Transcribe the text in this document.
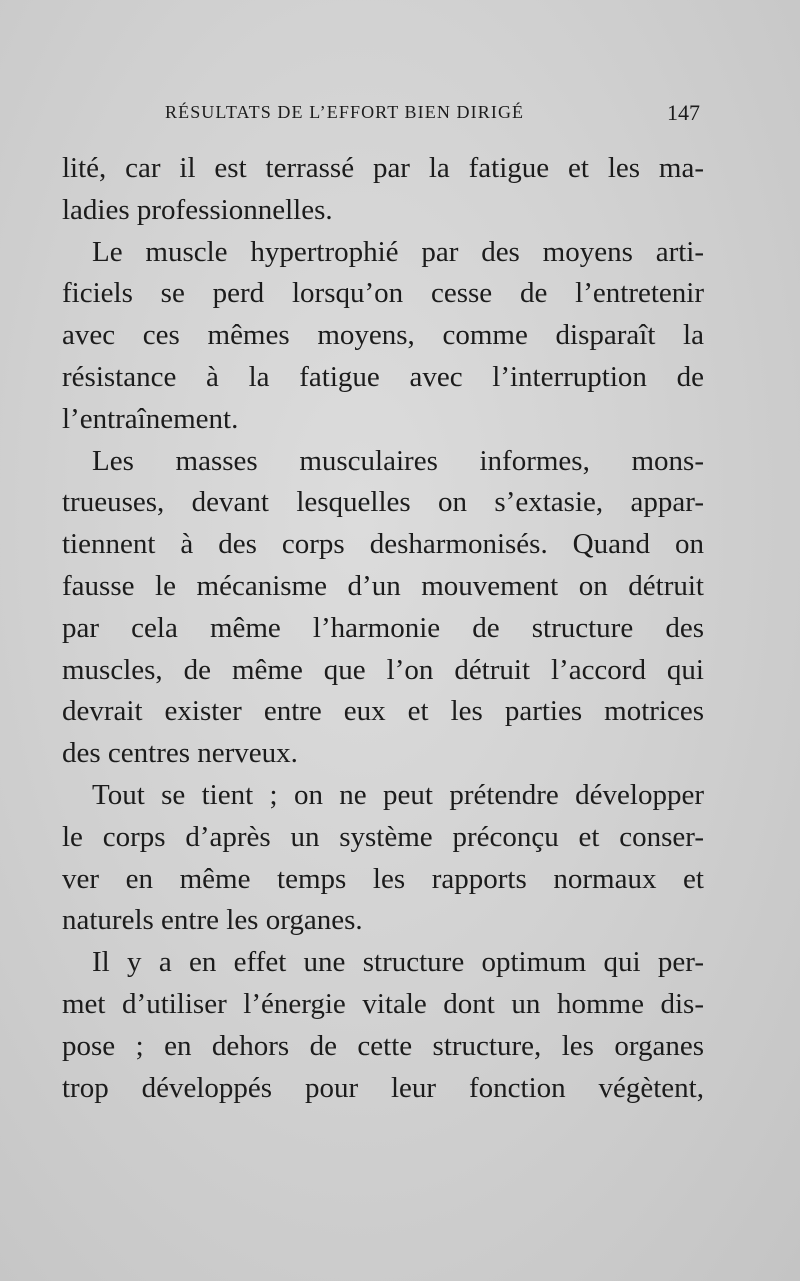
RÉSULTATS DE L’EFFORT BIEN DIRIGÉ	147
lité, car il est terrassé par la fatigue et les ma-
ladies professionnelles.
Le muscle hypertrophié par des moyens arti-
ficiels se perd lorsqu’on cesse de l’entretenir
avec ces mêmes moyens, comme disparaît la
résistance à la fatigue avec l’interruption de
l’entraînement.
Les masses musculaires informes, mons-
trueuses, devant lesquelles on s’extasie, appar-
tiennent à des corps desharmonisés. Quand on
fausse le mécanisme d’un mouvement on détruit
par cela même l’harmonie de structure des
muscles, de même que l’on détruit l’accord qui
devrait exister entre eux et les parties motrices
des centres nerveux.
Tout se tient ; on ne peut prétendre développer
le corps d’après un système préconçu et conser-
ver en même temps les rapports normaux et
naturels entre les organes.
Il y a en effet une structure optimum qui per-
met d’utiliser l’énergie vitale dont un homme dis-
pose ; en dehors de cette structure, les organes
trop développés pour leur fonction végètent,
